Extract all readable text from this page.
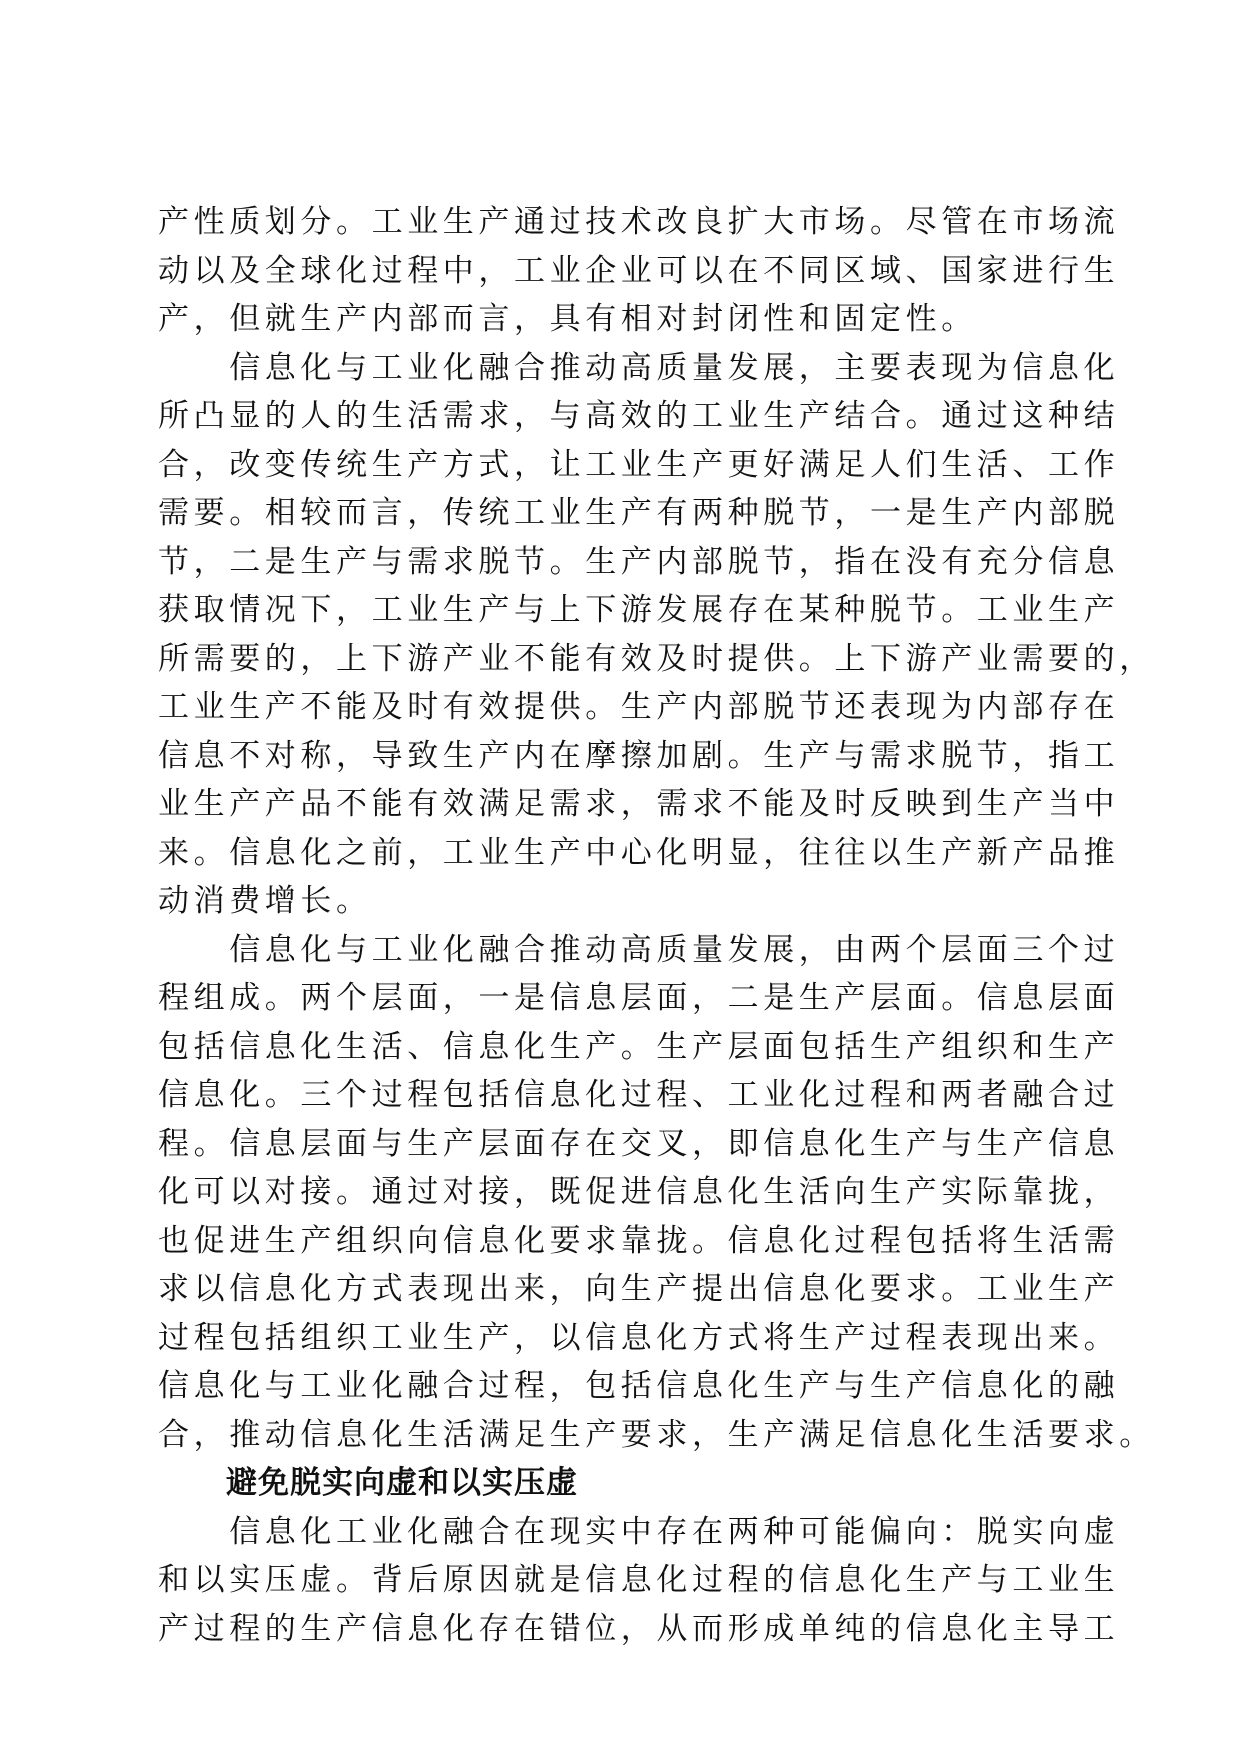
产性质划分。工业生产通过技术改良扩大市场。尽管在市场流
动以及全球化过程中，工业企业可以在不同区域、国家进行生
产，但就生产内部而言，具有相对封闭性和固定性。
　　信息化与工业化融合推动高质量发展，主要表现为信息化
所凸显的人的生活需求，与高效的工业生产结合。通过这种结
合，改变传统生产方式，让工业生产更好满足人们生活、工作
需要。相较而言，传统工业生产有两种脱节，一是生产内部脱
节，二是生产与需求脱节。生产内部脱节，指在没有充分信息
获取情况下，工业生产与上下游发展存在某种脱节。工业生产
所需要的，上下游产业不能有效及时提供。上下游产业需要的，
工业生产不能及时有效提供。生产内部脱节还表现为内部存在
信息不对称，导致生产内在摩擦加剧。生产与需求脱节，指工
业生产产品不能有效满足需求，需求不能及时反映到生产当中
来。信息化之前，工业生产中心化明显，往往以生产新产品推
动消费增长。
　　信息化与工业化融合推动高质量发展，由两个层面三个过
程组成。两个层面，一是信息层面，二是生产层面。信息层面
包括信息化生活、信息化生产。生产层面包括生产组织和生产
信息化。三个过程包括信息化过程、工业化过程和两者融合过
程。信息层面与生产层面存在交叉，即信息化生产与生产信息
化可以对接。通过对接，既促进信息化生活向生产实际靠拢，
也促进生产组织向信息化要求靠拢。信息化过程包括将生活需
求以信息化方式表现出来，向生产提出信息化要求。工业生产
过程包括组织工业生产，以信息化方式将生产过程表现出来。
信息化与工业化融合过程，包括信息化生产与生产信息化的融
合，推动信息化生活满足生产要求，生产满足信息化生活要求。
避免脱实向虚和以实压虚
　　信息化工业化融合在现实中存在两种可能偏向：脱实向虚
和以实压虚。背后原因就是信息化过程的信息化生产与工业生
产过程的生产信息化存在错位，从而形成单纯的信息化主导工
